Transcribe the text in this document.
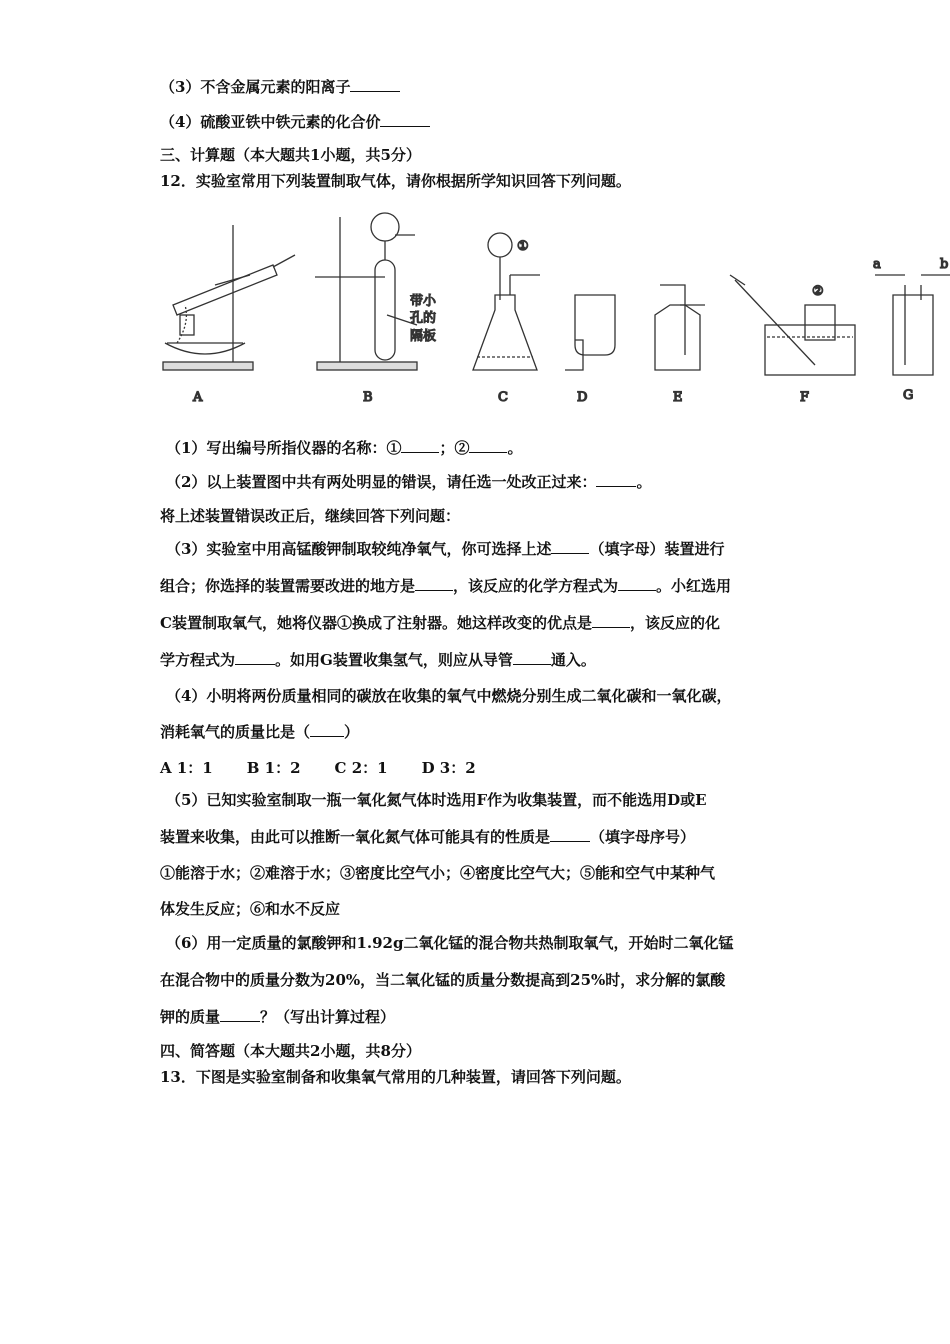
（3）不含金属元素的阳离子
（4）硫酸亚铁中铁元素的化合价
三、计算题（本大题共1小题，共5分）
12．实验室常用下列装置制取气体，请你根据所学知识回答下列问题。
带小
孔的
隔板
①
②
a	b
A	B	C	D	E	F	G
（1）写出编号所指仪器的名称：①	；②	。
（2）以上装置图中共有两处明显的错误，请任选一处改正过来：	。
将上述装置错误改正后，继续回答下列问题：
（3）实验室中用高锰酸钾制取较纯净氧气，你可选择上述	（填字母）装置进行
组合；你选择的装置需要改进的地方是	，该反应的化学方程式为	。小红选用
C装置制取氧气，她将仪器①换成了注射器。她这样改变的优点是	，该反应的化
学方程式为	。如用G装置收集氢气，则应从导管	通入。
（4）小明将两份质量相同的碳放在收集的氧气中燃烧分别生成二氧化碳和一氧化碳，
消耗氧气的质量比是（ ）
A 1：1 B 1：2 C 2：1 D 3：2
（5）已知实验室制取一瓶一氧化氮气体时选用F作为收集装置，而不能选用D或E
装置来收集，由此可以推断一氧化氮气体可能具有的性质是	（填字母序号）
①能溶于水；②难溶于水；③密度比空气小；④密度比空气大；⑤能和空气中某种气
体发生反应；⑥和水不反应
（6）用一定质量的氯酸钾和1.92g二氧化锰的混合物共热制取氧气，开始时二氧化锰
在混合物中的质量分数为20%，当二氧化锰的质量分数提高到25%时，求分解的氯酸
钾的质量	？（写出计算过程）
四、简答题（本大题共2小题，共8分）
13．下图是实验室制备和收集氧气常用的几种装置，请回答下列问题。
